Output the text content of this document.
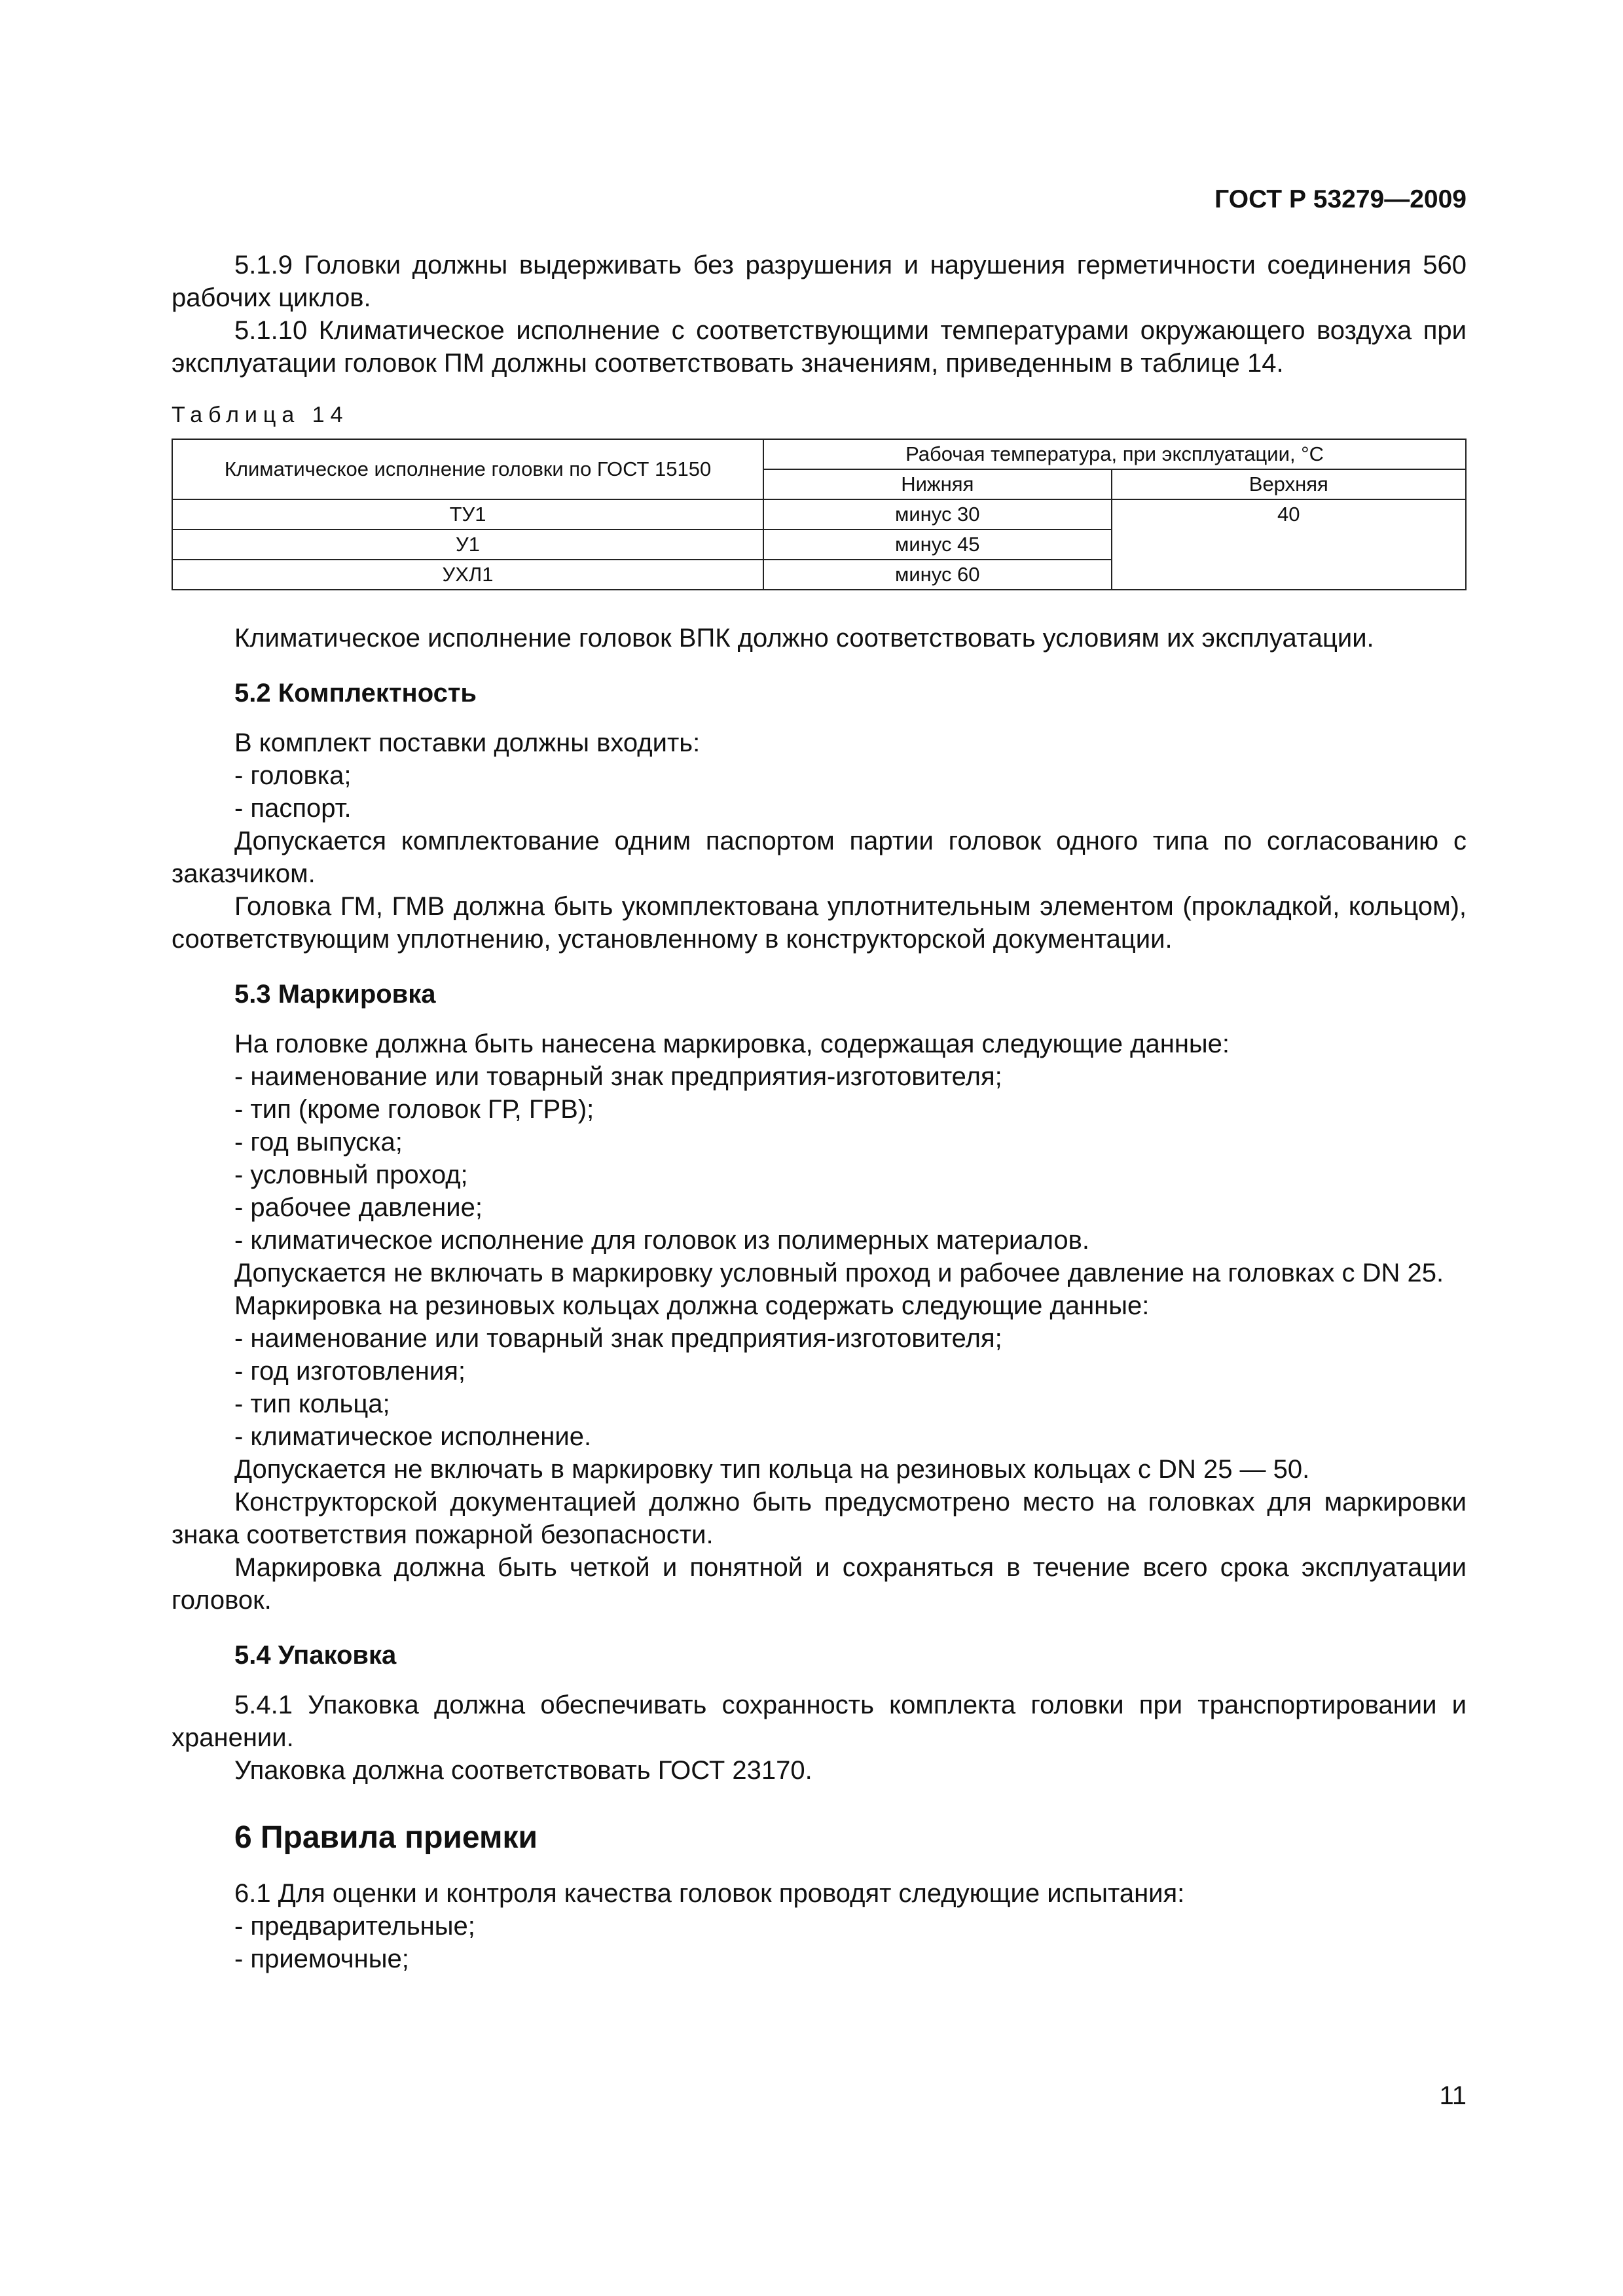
ГОСТ Р 53279—2009

5.1.9 Головки должны выдерживать без разрушения и нарушения герметичности соединения 560 рабочих циклов.

5.1.10 Климатическое исполнение с соответствующими температурами окружающего воздуха при эксплуатации головок ПМ должны соответствовать значениям, приведенным в таблице 14.

Таблица 14
Климатическое исполнение головки по ГОСТ 15150	Рабочая температура, при эксплуатации, °С	
	Нижняя	Верхняя
ТУ1	минус 30	40
У1	минус 45	
УХЛ1	минус 60	

Климатическое исполнение головок ВПК должно соответствовать условиям их эксплуатации.

5.2 Комплектность

В комплект поставки должны входить:

- головка;

- паспорт.

Допускается комплектование одним паспортом партии головок одного типа по согласованию с заказчиком.

Головка ГМ, ГМВ должна быть укомплектована уплотнительным элементом (прокладкой, кольцом), соответствующим уплотнению, установленному в конструкторской документации.

5.3 Маркировка

На головке должна быть нанесена маркировка, содержащая следующие данные:

- наименование или товарный знак предприятия-изготовителя;

- тип (кроме головок ГР, ГРВ);

- год выпуска;

- условный проход;

- рабочее давление;

- климатическое исполнение для головок из полимерных материалов.

Допускается не включать в маркировку условный проход и рабочее давление на головках с DN 25.

Маркировка на резиновых кольцах должна содержать следующие данные:

- наименование или товарный знак предприятия-изготовителя;

- год изготовления;

- тип кольца;

- климатическое исполнение.

Допускается не включать в маркировку тип кольца на резиновых кольцах с DN 25 — 50.

Конструкторской документацией должно быть предусмотрено место на головках для маркировки знака соответствия пожарной безопасности.

Маркировка должна быть четкой и понятной и сохраняться в течение всего срока эксплуатации головок.

5.4 Упаковка

5.4.1 Упаковка должна обеспечивать сохранность комплекта головки при транспортировании и хранении.

Упаковка должна соответствовать ГОСТ 23170.

6 Правила приемки

6.1 Для оценки и контроля качества головок проводят следующие испытания:

- предварительные;

- приемочные;

11
